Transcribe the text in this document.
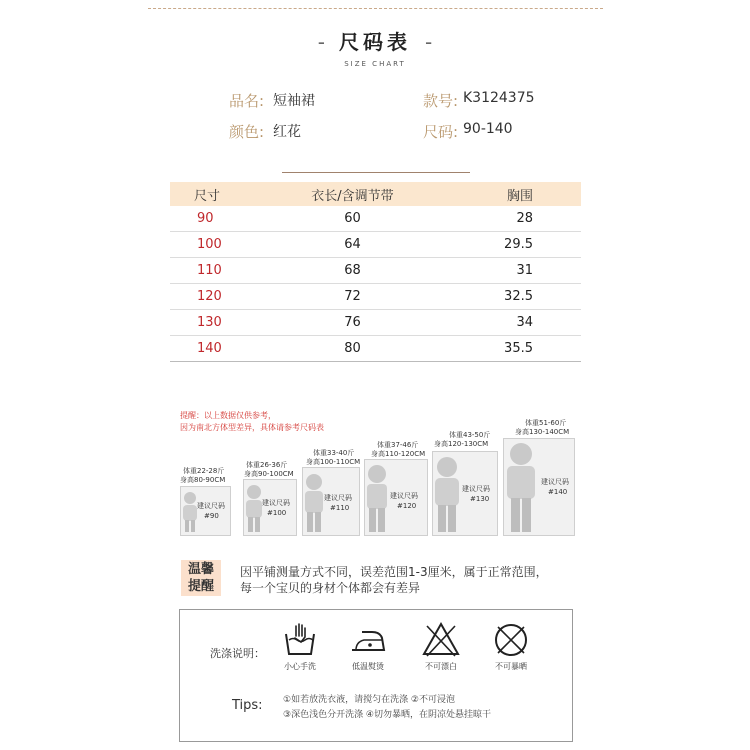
- 尺码表 -
SIZE CHART
品名: 短袖裙	款号: K3124375
颜色: 红花	尺码: 90-140
尺寸	衣长/含调节带	胸围
90	60	28
100	64	29.5
110	68	31
120	72	32.5
130	76	34
140	80	35.5
提醒：以上数据仅供参考，
因为南北方体型差异，具体请参考尺码表
体重22-28斤
身高80-90CM
建议尺码
#90
体重26-36斤
身高90-100CM
建议尺码
#100
体重33-40斤
身高100-110CM
建议尺码
#110
体重37-46斤
身高110-120CM
建议尺码
#120
体重43-50斤
身高120-130CM
建议尺码
#130
体重51-60斤
身高130-140CM
建议尺码
#140
温馨
提醒
因平铺测量方式不同，误差范围1-3厘米，属于正常范围，
每一个宝贝的身材个体都会有差异
洗涤说明：
小心手洗	低温熨烫	不可漂白	不可暴晒
Tips: ①如若放洗衣液，请搅匀在洗涤 ②不可浸泡
③深色浅色分开洗涤 ④切勿暴晒，在阴凉处悬挂晾干
